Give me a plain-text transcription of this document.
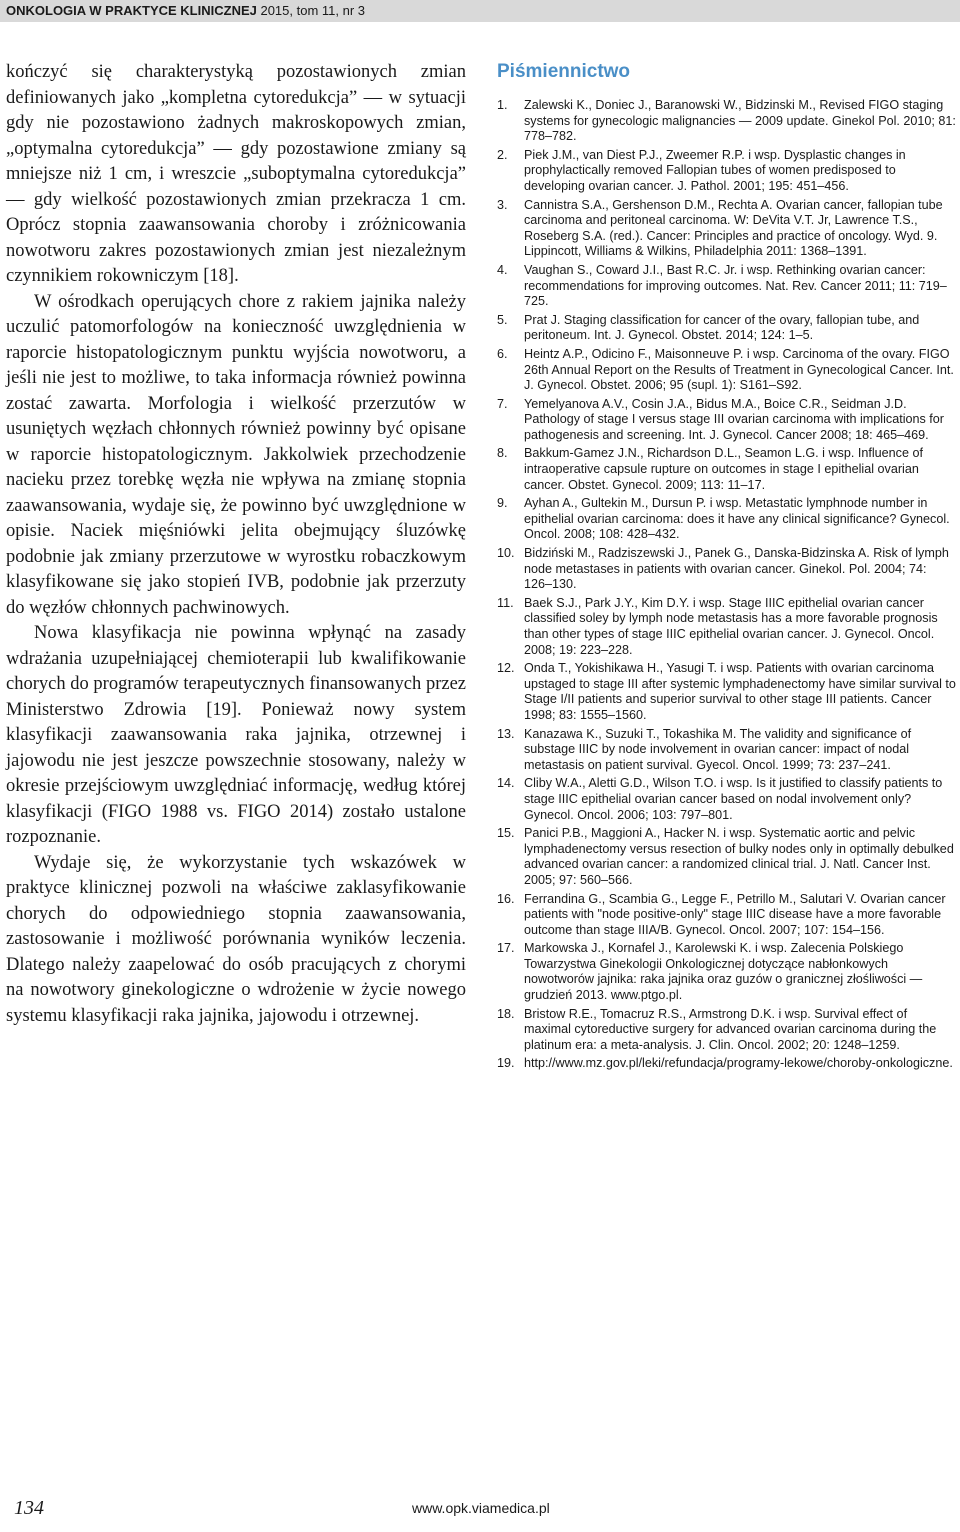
ONKOLOGIA W PRAKTYCE KLINICZNEJ 2015, tom 11, nr 3

kończyć się charakterystyką pozostawionych zmian definiowanych jako „kompletna cytoredukcja” — w sytuacji gdy nie pozostawiono żadnych makroskopowych zmian, „optymalna cytoredukcja” — gdy pozostawione zmiany są mniejsze niż 1 cm, i wreszcie „suboptymalna cytoredukcja” — gdy wielkość pozostawionych zmian przekracza 1 cm. Oprócz stopnia zaawansowania choroby i zróżnicowania nowotworu zakres pozostawionych zmian jest niezależnym czynnikiem rokowniczym [18].

W ośrodkach operujących chore z rakiem jajnika należy uczulić patomorfologów na konieczność uwzględnienia w raporcie histopatologicznym punktu wyjścia nowotworu, a jeśli nie jest to możliwe, to taka informacja również powinna zostać zawarta. Morfologia i wielkość przerzutów w usuniętych węzłach chłonnych również powinny być opisane w raporcie histopatologicznym. Jakkolwiek przechodzenie nacieku przez torebkę węzła nie wpływa na zmianę stopnia zaawansowania, wydaje się, że powinno być uwzględnione w opisie. Naciek mięśniówki jelita obejmujący śluzówkę podobnie jak zmiany przerzutowe w wyrostku robaczkowym klasyfikowane się jako stopień IVB, podobnie jak przerzuty do węzłów chłonnych pachwinowych.

Nowa klasyfikacja nie powinna wpłynąć na zasady wdrażania uzupełniającej chemioterapii lub kwalifikowanie chorych do programów terapeutycznych finansowanych przez Ministerstwo Zdrowia [19]. Ponieważ nowy system klasyfikacji zaawansowania raka jajnika, otrzewnej i jajowodu nie jest jeszcze powszechnie stosowany, należy w okresie przejściowym uwzględniać informację, według której klasyfikacji (FIGO 1988 vs. FIGO 2014) zostało ustalone rozpoznanie.

Wydaje się, że wykorzystanie tych wskazówek w praktyce klinicznej pozwoli na właściwe zaklasyfikowanie chorych do odpowiedniego stopnia zaawansowania, zastosowanie i możliwość porównania wyników leczenia. Dlatego należy zaapelować do osób pracujących z chorymi na nowotwory ginekologiczne o wdrożenie w życie nowego systemu klasyfikacji raka jajnika, jajowodu i otrzewnej.

Piśmiennictwo
1. Zalewski K., Doniec J., Baranowski W., Bidzinski M., Revised FIGO staging systems for gynecologic malignancies — 2009 update. Ginekol Pol. 2010; 81: 778–782.
2. Piek J.M., van Diest P.J., Zweemer R.P. i wsp. Dysplastic changes in prophylactically removed Fallopian tubes of women predisposed to developing ovarian cancer. J. Pathol. 2001; 195: 451–456.
3. Cannistra S.A., Gershenson D.M., Rechta A. Ovarian cancer, fallopian tube carcinoma and peritoneal carcinoma. W: DeVita V.T. Jr, Lawrence T.S., Roseberg S.A. (red.). Cancer: Principles and practice of oncology. Wyd. 9. Lippincott, Williams & Wilkins, Philadelphia 2011: 1368–1391.
4. Vaughan S., Coward J.I., Bast R.C. Jr. i wsp. Rethinking ovarian cancer: recommendations for improving outcomes. Nat. Rev. Cancer 2011; 11: 719–725.
5. Prat J. Staging classification for cancer of the ovary, fallopian tube, and peritoneum. Int. J. Gynecol. Obstet. 2014; 124: 1–5.
6. Heintz A.P., Odicino F., Maisonneuve P. i wsp. Carcinoma of the ovary. FIGO 26th Annual Report on the Results of Treatment in Gynecological Cancer. Int. J. Gynecol. Obstet. 2006; 95 (supl. 1): S161–S92.
7. Yemelyanova A.V., Cosin J.A., Bidus M.A., Boice C.R., Seidman J.D. Pathology of stage I versus stage III ovarian carcinoma with implications for pathogenesis and screening. Int. J. Gynecol. Cancer 2008; 18: 465–469.
8. Bakkum-Gamez J.N., Richardson D.L., Seamon L.G. i wsp. Influence of intraoperative capsule rupture on outcomes in stage I epithelial ovarian cancer. Obstet. Gynecol. 2009; 113: 11–17.
9. Ayhan A., Gultekin M., Dursun P. i wsp. Metastatic lymphnode number in epithelial ovarian carcinoma: does it have any clinical significance? Gynecol. Oncol. 2008; 108: 428–432.
10. Bidziński M., Radziszewski J., Panek G., Danska-Bidzinska A. Risk of lymph node metastases in patients with ovarian cancer. Ginekol. Pol. 2004; 74: 126–130.
11. Baek S.J., Park J.Y., Kim D.Y. i wsp. Stage IIIC epithelial ovarian cancer classified soley by lymph node metastasis has a more favorable prognosis than other types of stage IIIC epithelial ovarian cancer. J. Gynecol. Oncol. 2008; 19: 223–228.
12. Onda T., Yokishikawa H., Yasugi T. i wsp. Patients with ovarian carcinoma upstaged to stage III after systemic lymphadenectomy have similar survival to Stage I/II patients and superior survival to other stage III patients. Cancer 1998; 83: 1555–1560.
13. Kanazawa K., Suzuki T., Tokashika M. The validity and significance of substage IIIC by node involvement in ovarian cancer: impact of nodal metastasis on patient survival. Gyecol. Oncol. 1999; 73: 237–241.
14. Cliby W.A., Aletti G.D., Wilson T.O. i wsp. Is it justified to classify patients to stage IIIC epithelial ovarian cancer based on nodal involvement only? Gynecol. Oncol. 2006; 103: 797–801.
15. Panici P.B., Maggioni A., Hacker N. i wsp. Systematic aortic and pelvic lymphadenectomy versus resection of bulky nodes only in optimally debulked advanced ovarian cancer: a randomized clinical trial. J. Natl. Cancer Inst. 2005; 97: 560–566.
16. Ferrandina G., Scambia G., Legge F., Petrillo M., Salutari V. Ovarian cancer patients with "node positive-only" stage IIIC disease have a more favorable outcome than stage IIIA/B. Gynecol. Oncol. 2007; 107: 154–156.
17. Markowska J., Kornafel J., Karolewski K. i wsp. Zalecenia Polskiego Towarzystwa Ginekologii Onkologicznej dotyczące nabłonkowych nowotworów jajnika: raka jajnika oraz guzów o granicznej złośliwości — grudzień 2013. www.ptgo.pl.
18. Bristow R.E., Tomacruz R.S., Armstrong D.K. i wsp. Survival effect of maximal cytoreductive surgery for advanced ovarian carcinoma during the platinum era: a meta-analysis. J. Clin. Oncol. 2002; 20: 1248–1259.
19. http://www.mz.gov.pl/leki/refundacja/programy-lekowe/choroby-onkologiczne.
134	www.opk.viamedica.pl
